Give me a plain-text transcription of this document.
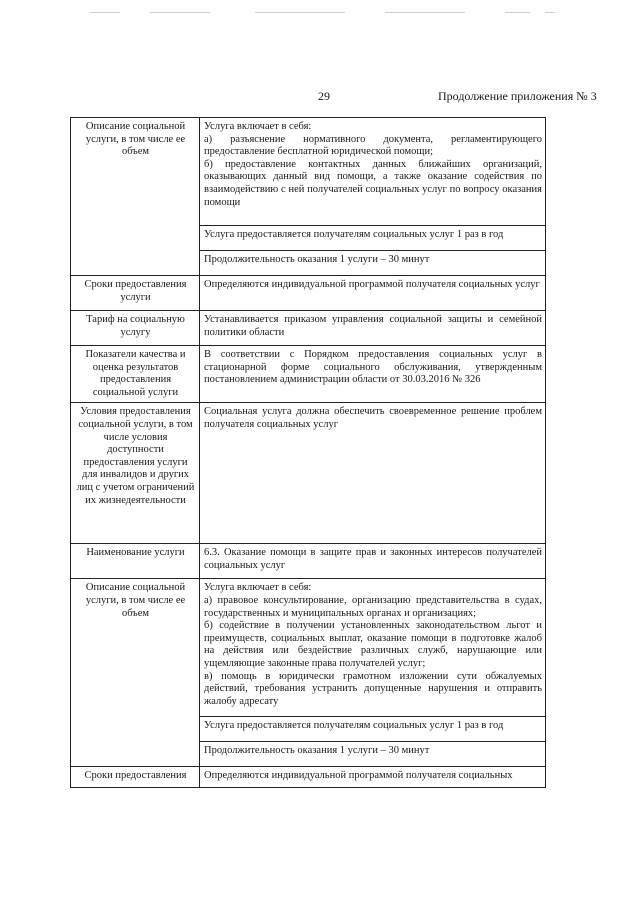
29	Продолжение приложения № 3
Описание социальной услуги, в том числе ее объем	Услуга включает в себя:
а) разъяснение нормативного документа, регламентирующего предоставление бесплатной юридической помощи;
б) предоставление контактных данных ближайших организаций, оказывающих данный вид помощи, а также оказание содействия по взаимодействию с ней получателей социальных услуг по вопросу оказания помощи

	Услуга предоставляется получателям социальных услуг 1 раз в год
	Продолжительность оказания 1 услуги – 30 минут
Сроки предоставления услуги	Определяются индивидуальной программой получателя социальных услуг
Тариф на социальную услугу	Устанавливается приказом управления социальной защиты и семейной политики области
Показатели качества и оценка результатов предоставления социальной услуги	В соответствии с Порядком предоставления социальных услуг в стационарной форме социального обслуживания, утвержденным постановлением администрации области от 30.03.2016 № 326
Условия предоставления социальной услуги, в том числе условия доступности предоставления услуги для инвалидов и других лиц с учетом ограничений их жизнедеятельности	Социальная услуга должна обеспечить своевременное решение проблем получателя социальных услуг
Наименование услуги	6.3. Оказание помощи в защите прав и законных интересов получателей социальных услуг
Описание социальной услуги, в том числе ее объем	Услуга включает в себя:
а) правовое консультирование, организацию представительства в судах, государственных и муниципальных органах и организациях;
б) содействие в получении установленных законодательством льгот и преимуществ, социальных выплат, оказание помощи в подготовке жалоб на действия или бездействие различных служб, нарушающие или ущемляющие законные права получателей услуг;
в) помощь в юридически грамотном изложении сути обжалуемых действий, требования устранить допущенные нарушения и отправить жалобу адресату

	Услуга предоставляется получателям социальных услуг 1 раз в год
	Продолжительность оказания 1 услуги – 30 минут
Сроки предоставления	Определяются индивидуальной программой получателя социальных
